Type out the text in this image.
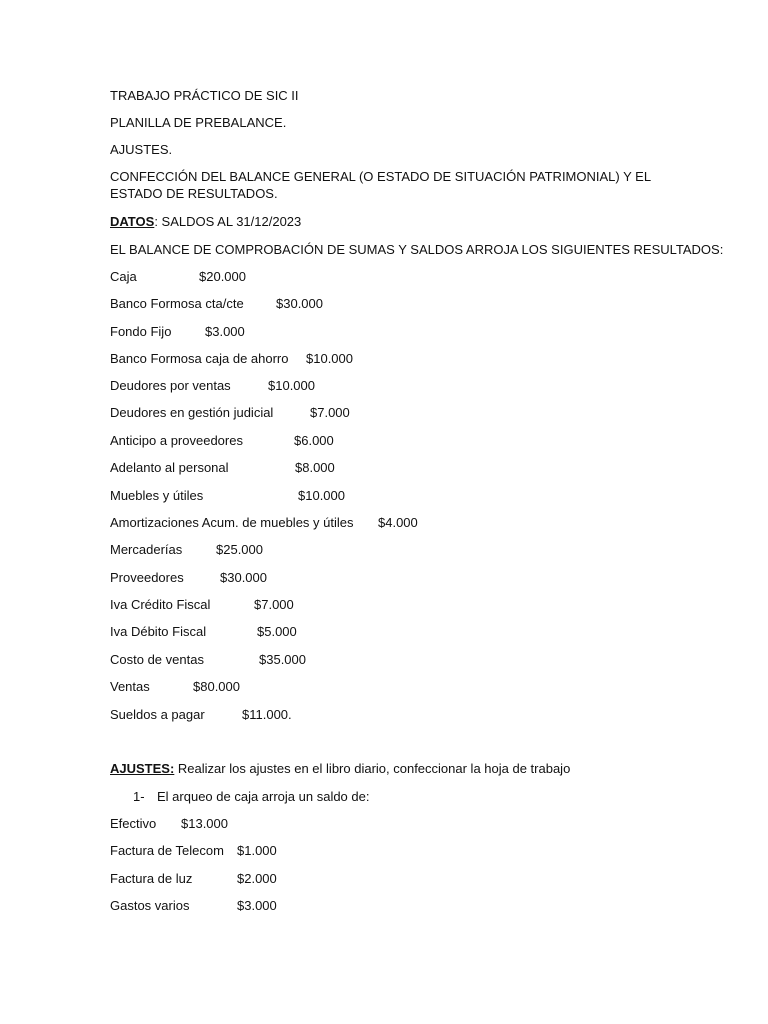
TRABAJO PRÁCTICO DE SIC II
PLANILLA DE PREBALANCE.
AJUSTES.
CONFECCIÓN DEL BALANCE GENERAL (O ESTADO DE SITUACIÓN PATRIMONIAL) Y EL ESTADO DE RESULTADOS.
DATOS: SALDOS AL 31/12/2023
EL BALANCE DE COMPROBACIÓN DE SUMAS Y SALDOS ARROJA LOS SIGUIENTES RESULTADOS:
Caja	$20.000
Banco Formosa cta/cte $30.000
Fondo Fijo	$3.000
Banco Formosa caja de ahorro $10.000
Deudores por ventas	$10.000
Deudores en gestión judicial	$7.000
Anticipo a proveedores	$6.000
Adelanto al personal	$8.000
Muebles y útiles	$10.000
Amortizaciones Acum. de muebles y útiles $4.000
Mercaderías	$25.000
Proveedores	$30.000
Iva Crédito Fiscal	$7.000
Iva Débito Fiscal	$5.000
Costo de ventas	$35.000
Ventas	$80.000
Sueldos a pagar	$11.000.
AJUSTES: Realizar los ajustes en el libro diario, confeccionar la hoja de trabajo
1- El arqueo de caja arroja un saldo de:
Efectivo $13.000
Factura de Telecom $1.000
Factura de luz	$2.000
Gastos varios	$3.000
